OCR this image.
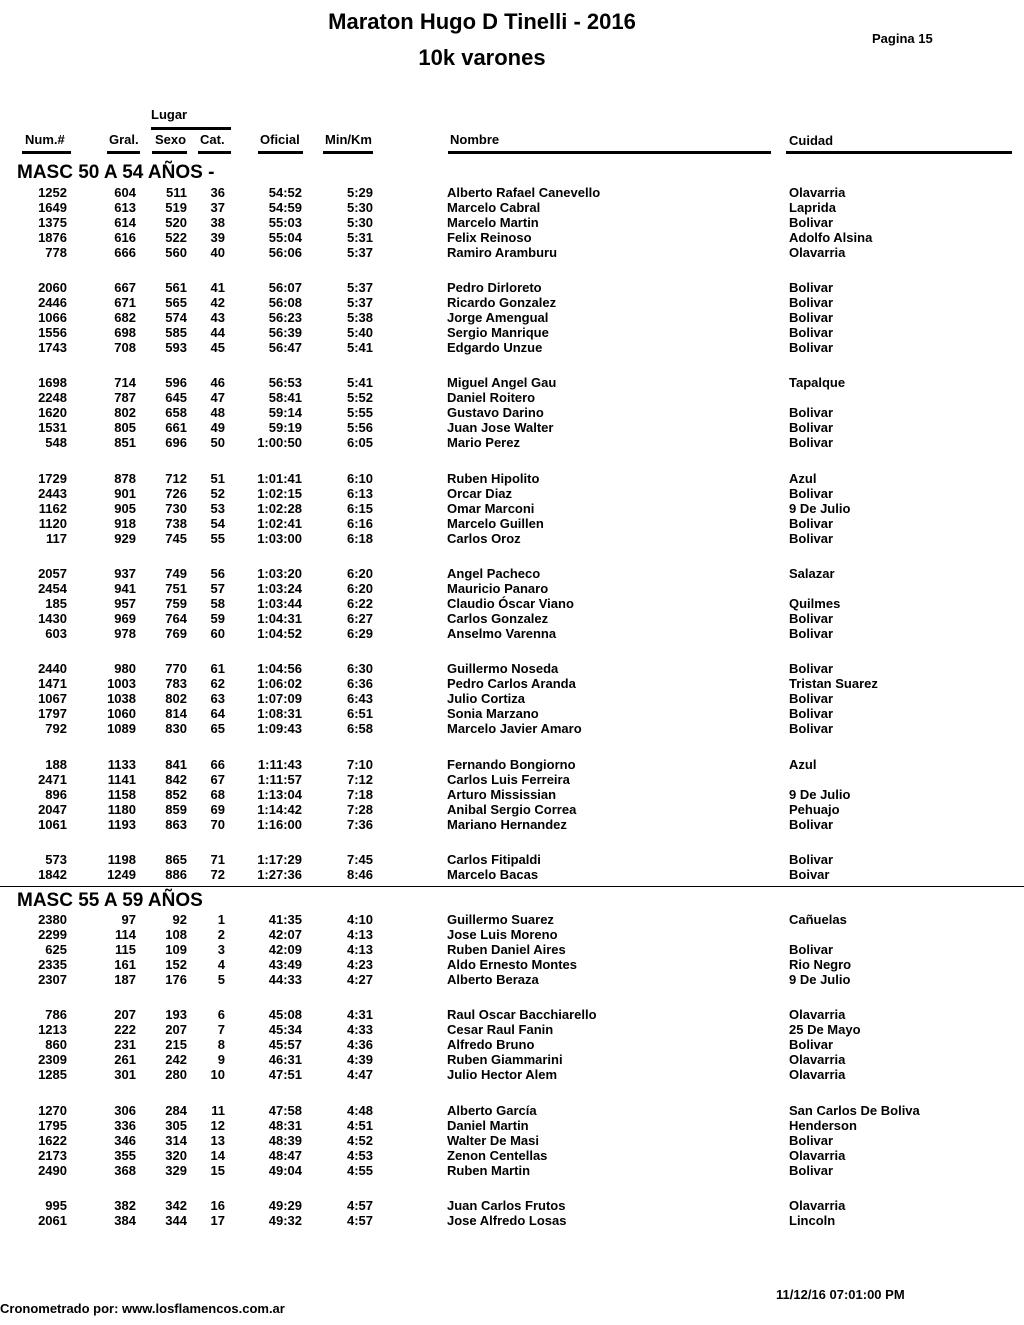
Maraton Hugo D Tinelli - 2016
10k varones
Pagina 15
Lugar
Num.#	Gral. Sexo Cat.	Oficial Min/Km	Nombre	Cuidad
MASC 50 A 54 AÑOS -
1252	604 511 36	54:52	5:29	Alberto Rafael Canevello	Olavarria
1649	613 519 37	54:59	5:30	Marcelo Cabral	Laprida
1375	614 520 38	55:03	5:30	Marcelo Martin	Bolivar
1876	616 522 39	55:04	5:31	Felix Reinoso	Adolfo Alsina
778	666 560 40	56:06	5:37	Ramiro Aramburu	Olavarria
2060	667 561 41	56:07	5:37	Pedro Dirloreto	Bolivar
2446	671 565 42	56:08	5:37	Ricardo Gonzalez	Bolivar
1066	682 574 43	56:23	5:38	Jorge Amengual	Bolivar
1556	698 585 44	56:39	5:40	Sergio Manrique	Bolivar
1743	708 593 45	56:47	5:41	Edgardo Unzue	Bolivar
1698	714 596 46	56:53	5:41	Miguel Angel Gau	Tapalque
2248	787 645 47	58:41	5:52	Daniel Roitero
1620	802 658 48	59:14	5:55	Gustavo Darino	Bolivar
1531	805 661 49	59:19	5:56	Juan Jose Walter	Bolivar
548	851 696 50 1:00:50	6:05	Mario Perez	Bolivar
1729	878 712 51 1:01:41	6:10	Ruben Hipolito	Azul
2443	901 726 52 1:02:15	6:13	Orcar Diaz	Bolivar
1162	905 730 53 1:02:28	6:15	Omar Marconi	9 De Julio
1120	918 738 54 1:02:41	6:16	Marcelo Guillen	Bolivar
117	929 745 55 1:03:00	6:18	Carlos Oroz	Bolivar
2057	937 749 56 1:03:20	6:20	Angel Pacheco	Salazar
2454	941 751 57 1:03:24	6:20	Mauricio Panaro
185	957 759 58 1:03:44	6:22	Claudio Óscar Viano	Quilmes
1430	969 764 59 1:04:31	6:27	Carlos Gonzalez	Bolivar
603	978 769 60 1:04:52	6:29	Anselmo Varenna	Bolivar
2440	980 770 61 1:04:56	6:30	Guillermo Noseda	Bolivar
1471	1003 783 62 1:06:02	6:36	Pedro Carlos Aranda	Tristan Suarez
1067	1038 802 63 1:07:09	6:43	Julio Cortiza	Bolivar
1797	1060 814 64 1:08:31	6:51	Sonia Marzano	Bolivar
792	1089 830 65 1:09:43	6:58	Marcelo Javier Amaro	Bolivar
188	1133 841 66	1:11:43	7:10	Fernando Bongiorno	Azul
2471	1141 842 67	1:11:57	7:12	Carlos Luis Ferreira
896	1158 852 68 1:13:04	7:18	Arturo Mississian	9 De Julio
2047	1180 859 69 1:14:42	7:28	Anibal Sergio Correa	Pehuajo
1061	1193 863 70 1:16:00	7:36	Mariano Hernandez	Bolivar
573	1198 865 71 1:17:29	7:45	Carlos Fitipaldi	Bolivar
1842	1249 886 72 1:27:36	8:46	Marcelo Bacas	Boivar
MASC 55 A 59 AÑOS
2380	97	92 1	41:35	4:10	Guillermo Suarez	Cañuelas
2299	114 108 2	42:07	4:13	Jose Luis Moreno
625	115 109 3	42:09	4:13	Ruben Daniel Aires	Bolivar
2335	161 152 4	43:49	4:23	Aldo Ernesto Montes	Rio Negro
2307	187 176 5	44:33	4:27	Alberto Beraza	9 De Julio
786	207 193 6	45:08	4:31	Raul Oscar Bacchiarello	Olavarria
1213	222 207 7	45:34	4:33	Cesar Raul Fanin	25 De Mayo
860	231 215 8	45:57	4:36	Alfredo Bruno	Bolivar
2309	261 242 9	46:31	4:39	Ruben Giammarini	Olavarria
1285	301 280 10	47:51	4:47	Julio Hector Alem	Olavarria
1270	306 284 11	47:58	4:48	Alberto García	San Carlos De Boliva
1795	336 305 12	48:31	4:51	Daniel Martin	Henderson
1622	346 314 13	48:39	4:52	Walter De Masi	Bolivar
2173	355 320 14	48:47	4:53	Zenon Centellas	Olavarria
2490	368 329 15	49:04	4:55	Ruben Martin	Bolivar
995	382 342 16	49:29	4:57	Juan Carlos Frutos	Olavarria
2061	384 344 17	49:32	4:57	Jose Alfredo Losas	Lincoln
Cronometrado por: www.losflamencos.com.ar
11/12/16 07:01:00 PM
